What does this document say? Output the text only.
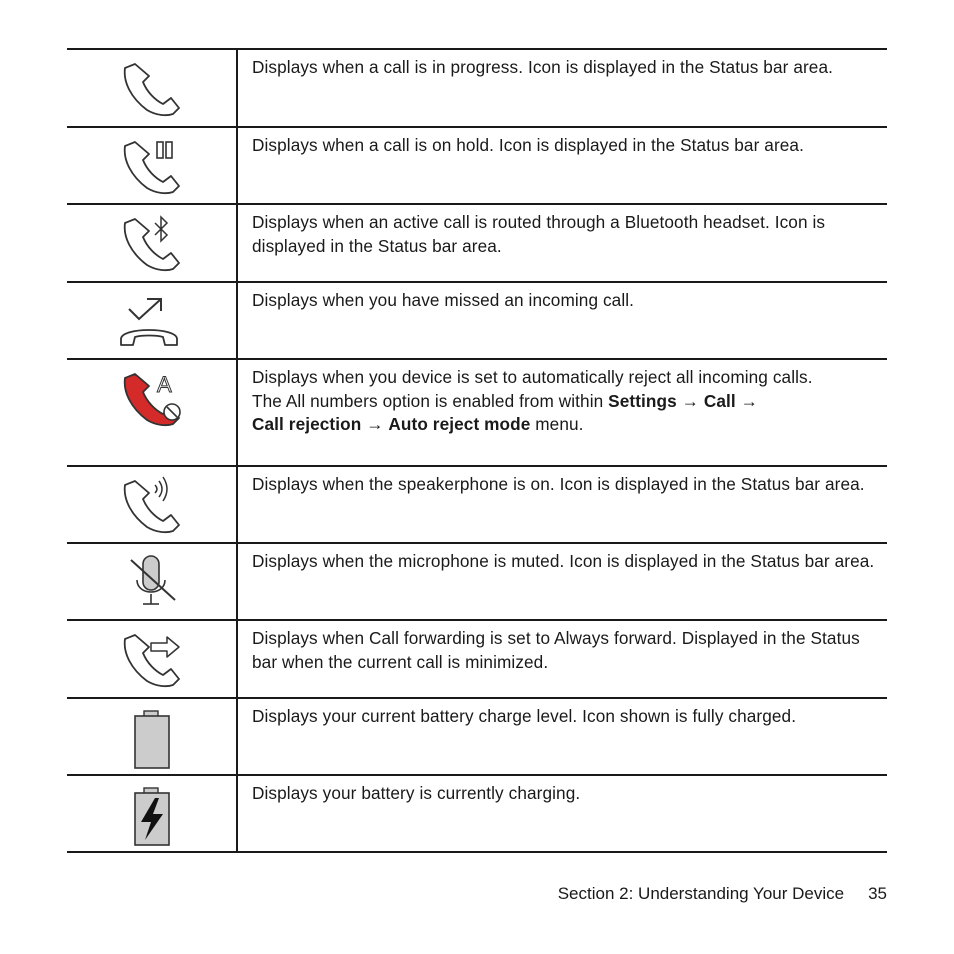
Displays when a call is in progress. Icon is displayed in the Status bar area.
Displays when a call is on hold. Icon is displayed in the Status bar area.
Displays when an active call is routed through a Bluetooth headset. Icon is displayed in the Status bar area.
Displays when you have missed an incoming call.
A	Displays when you device is set to automatically reject all incoming calls.
The All numbers option is enabled from within Settings → Call →
Call rejection → Auto reject mode menu.
Displays when the speakerphone is on. Icon is displayed in the Status bar area.
Displays when the microphone is muted. Icon is displayed in the Status bar area.
Displays when Call forwarding is set to Always forward. Displayed in the Status bar when the current call is minimized.
Displays your current battery charge level. Icon shown is fully charged.
Displays your battery is currently charging.
Section 2: Understanding Your Device 35
